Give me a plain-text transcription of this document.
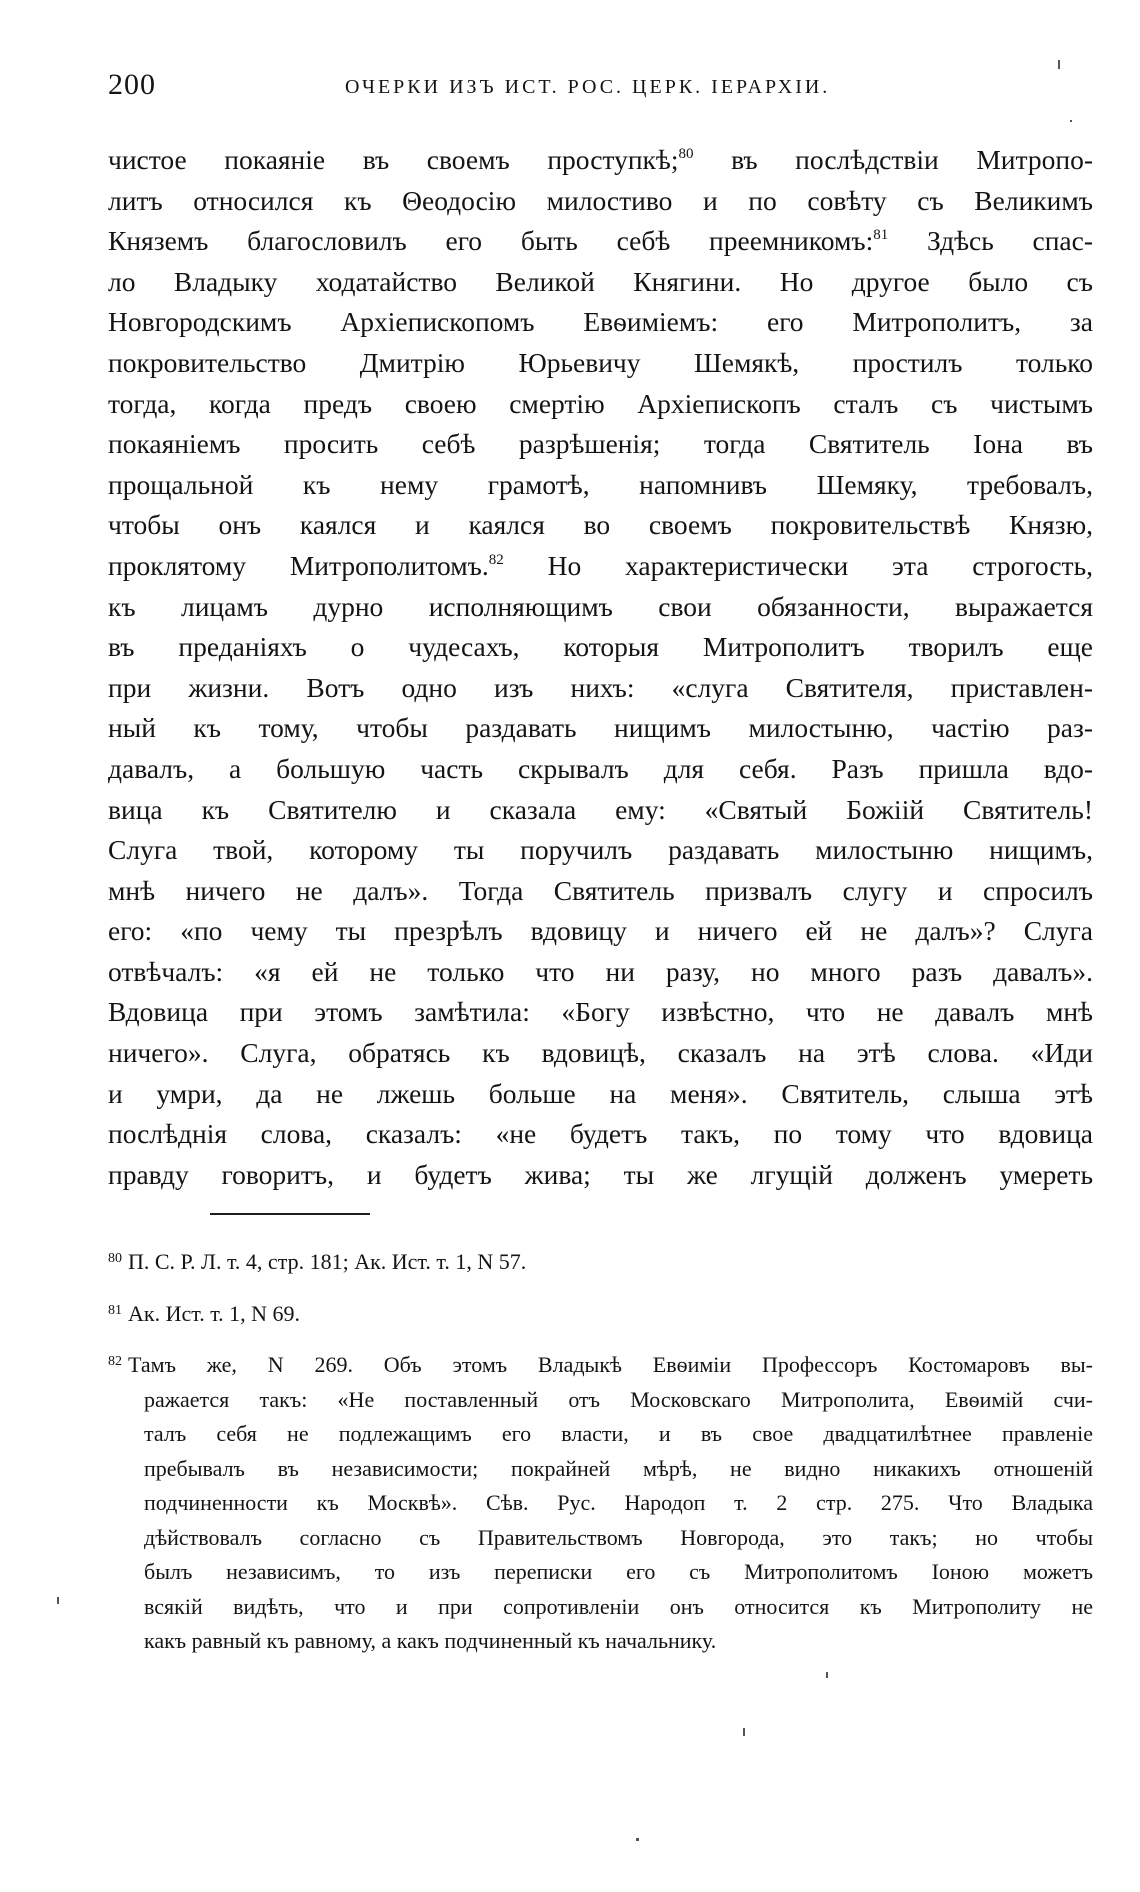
200	ОЧЕРКИ ИЗЪ ИСТ. РОС. ЦЕРК. ІЕРАРХІИ.
чистое покаяніе въ своемъ проступкѣ;$^{80}$ въ послѣдствіи Митропо-
литъ относился къ Θеодосію милостиво и по совѣту съ Великимъ
Княземъ благословилъ его быть себѣ преемникомъ:$^{81}$ Здѣсь спас-
ло Владыку ходатайство Великой Княгини. Но другое было съ
Новгородскимъ Архіепископомъ Евѳиміемъ: его Митрополитъ, за
покровительство Дмитрію Юрьевичу Шемякѣ, простилъ только
тогда, когда предъ своею смертію Архіепископъ сталъ съ чистымъ
покаяніемъ просить себѣ разрѣшенія; тогда Святитель Іона въ
прощальной къ нему грамотѣ, напомнивъ Шемяку, требовалъ,
чтобы онъ каялся и каялся во своемъ покровительствѣ Князю,
проклятому Митрополитомъ.$^{82}$ Но характеристически эта строгость,
къ лицамъ дурно исполняющимъ свои обязанности, выражается
въ преданіяхъ о чудесахъ, которыя Митрополитъ творилъ еще
при жизни. Вотъ одно изъ нихъ: «слуга Святителя, приставлен-
ный къ тому, чтобы раздавать нищимъ милостыню, частію раз-
давалъ, а большую часть скрывалъ для себя. Разъ пришла вдо-
вица къ Святителю и сказала ему: «Святый Божіій Святитель!
Слуга твой, которому ты поручилъ раздавать милостыню нищимъ,
мнѣ ничего не далъ». Тогда Святитель призвалъ слугу и спросилъ
его: «по чему ты презрѣлъ вдовицу и ничего ей не далъ»? Слуга
отвѣчалъ: «я ей не только что ни разу, но много разъ давалъ».
Вдовица при этомъ замѣтила: «Богу извѣстно, что не давалъ мнѣ
ничего». Слуга, обратясь къ вдовицѣ, сказалъ на этѣ слова. «Иди
и умри, да не лжешь больше на меня». Святитель, слыша этѣ
послѣднія слова, сказалъ: «не будетъ такъ, по тому что вдовица
правду говоритъ, и будетъ жива; ты же лгущій долженъ умереть
$^{80}$ П. С. Р. Л. т. 4, стр. 181; Ак. Ист. т. 1, N 57.
$^{81}$ Ак. Ист. т. 1, N 69.
$^{82}$ Тамъ же, N 269. Объ этомъ Владыкѣ Евѳиміи Профессоръ Костомаровъ вы-
ражается такъ: «Не поставленный отъ Московскаго Митрополита, Евѳимій счи-
талъ себя не подлежащимъ его власти, и въ свое двадцатилѣтнее правленіе
пребывалъ въ независимости; покрайней мѣрѣ, не видно никакихъ отношеній
подчиненности къ Москвѣ». Сѣв. Рус. Народоп т. 2 стр. 275. Что Владыка
дѣйствовалъ согласно съ Правительствомъ Новгорода, это такъ; но чтобы
былъ независимъ, то изъ переписки его съ Митрополитомъ Іоною можетъ
всякій видѣть, что и при сопротивленіи онъ относится къ Митрополиту не
какъ равный къ равному, а какъ подчиненный къ начальнику.
